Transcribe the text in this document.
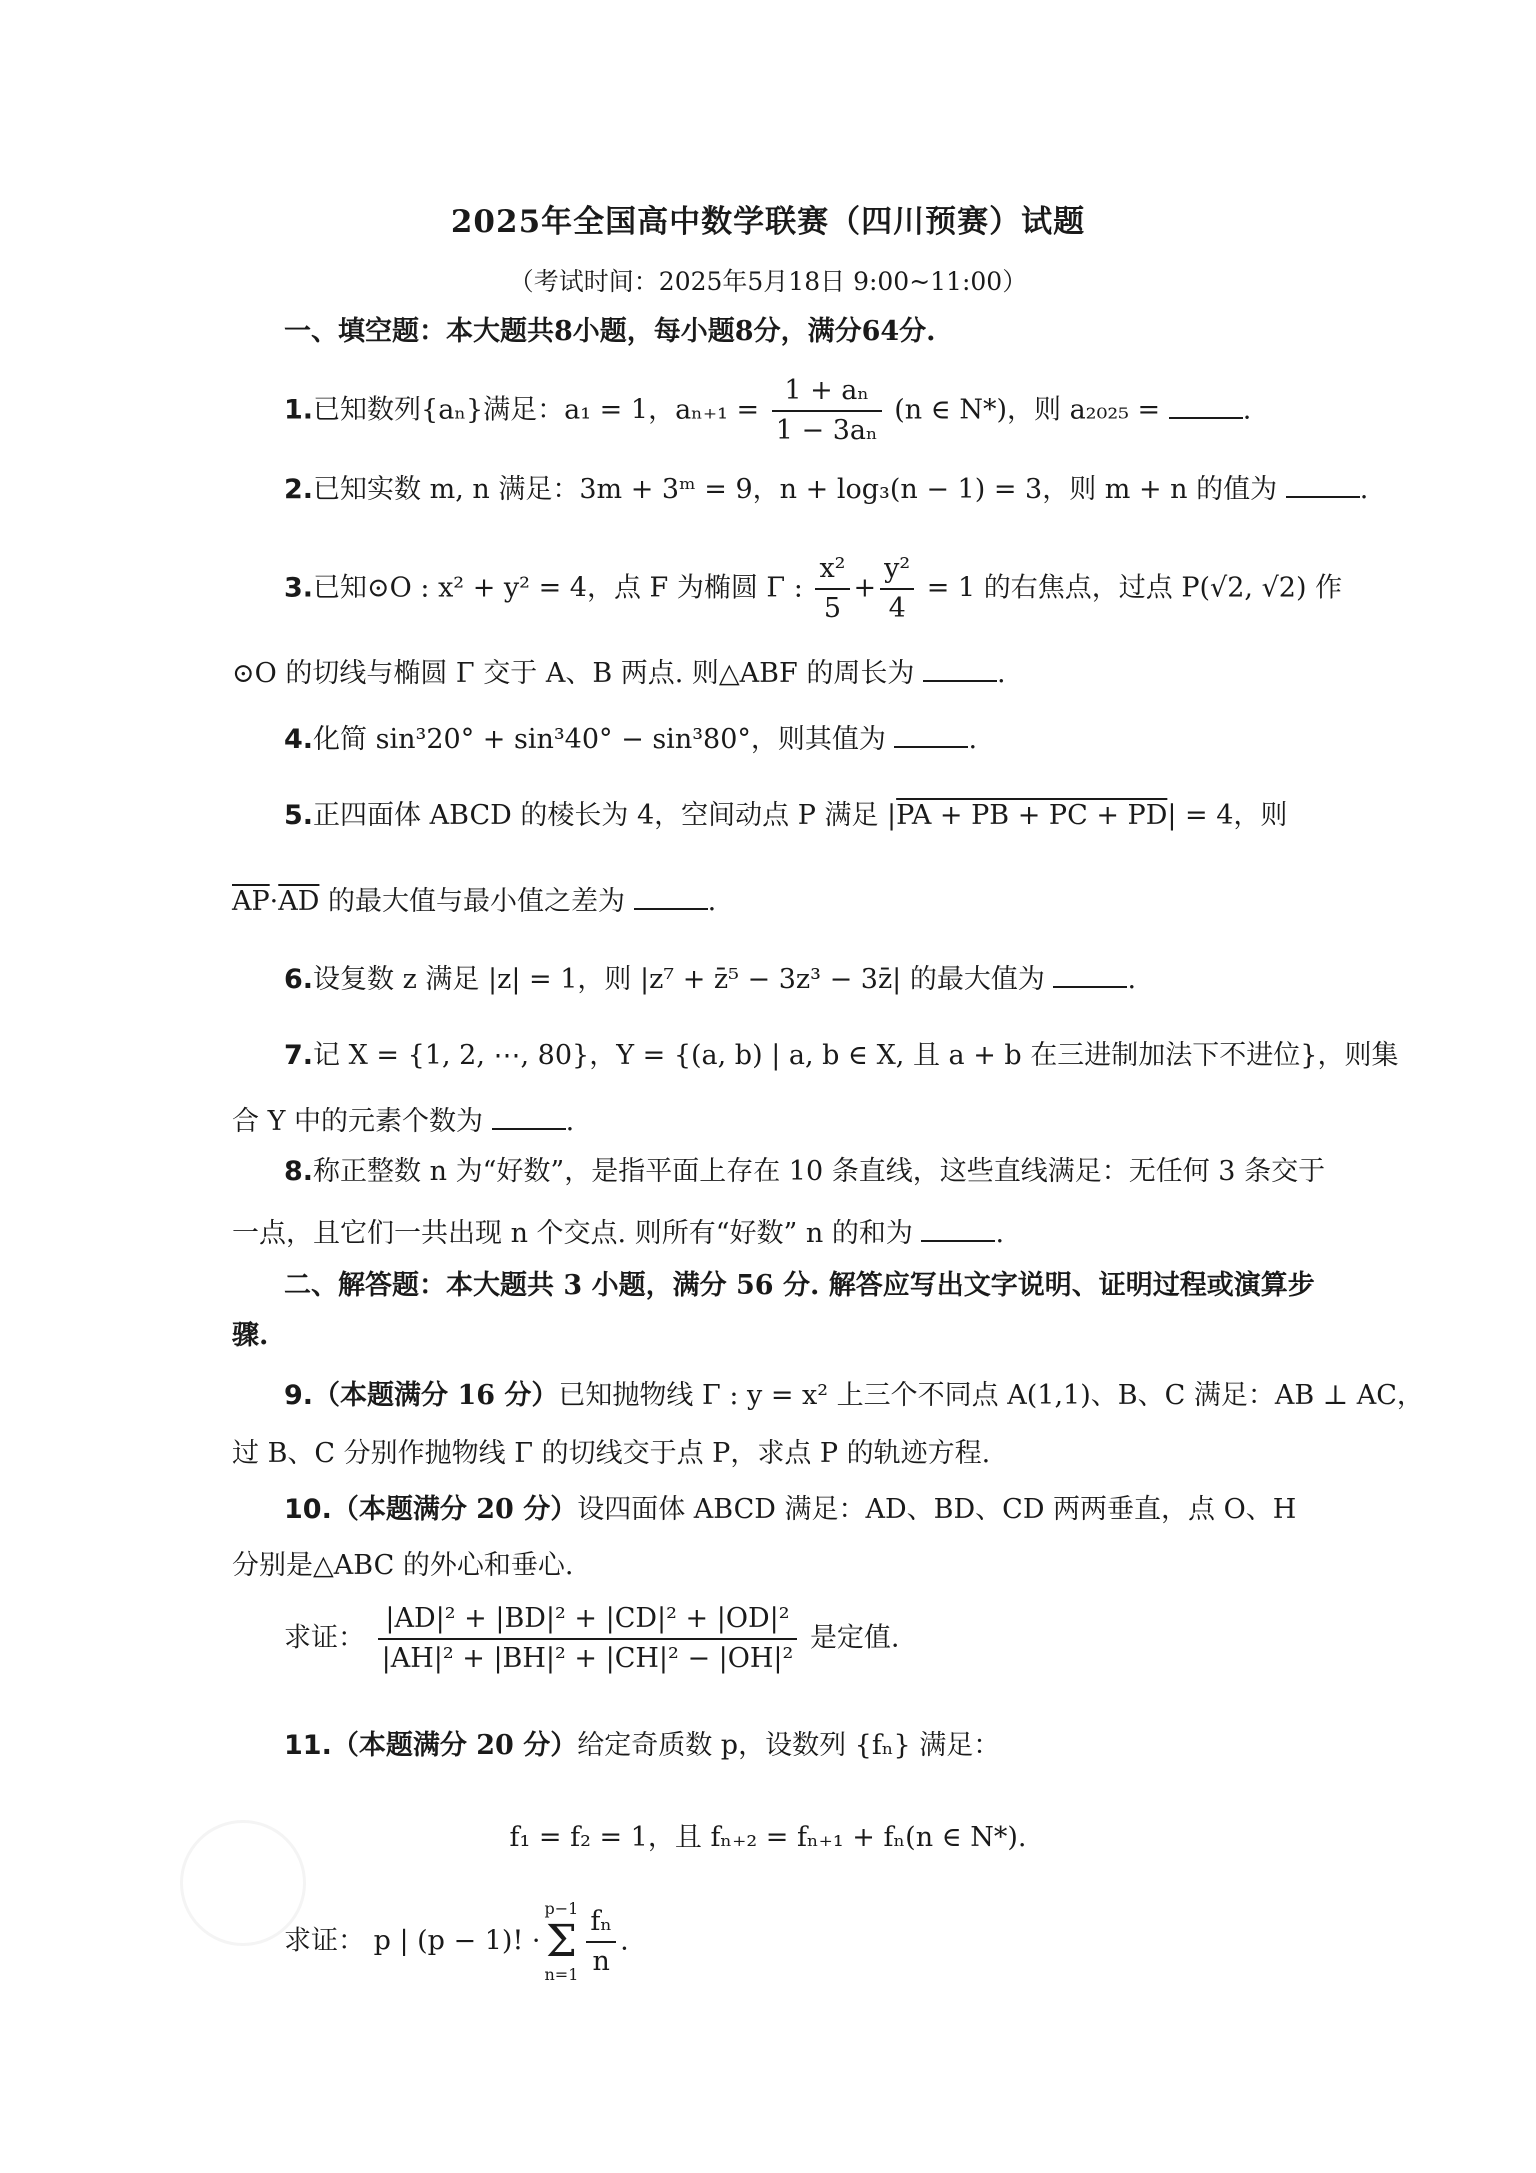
2025年全国高中数学联赛（四川预赛）试题
（考试时间：2025年5月18日 9:00~11:00）
一、填空题：本大题共8小题，每小题8分，满分64分.
1.已知数列{aₙ}满足：a₁ = 1，$a_{n+1} = \frac{\text{1 + aₙ}}{\text{1 − 3aₙ}} (n$ ∈ N*)，则 a₂₀₂₅ =	.
2.已知实数 m, n 满足：3m + 3ᵐ = 9，n + log₃(n − 1) = 3，则 m + n 的值为	.
3.已知⊙O : x² + y² = 4，点 F 为椭圆 Γ : $\frac{\text{x²}}{5} + \frac{\text{y²}}{4} = 1$ 的右焦点，过点 P(√2, √2) 作
⊙O 的切线与椭圆 Γ 交于 A、B 两点. 则△ABF 的周长为	.
4.化简 sin³20° + sin³40° − sin³80°，则其值为	.
5.正四面体 ABCD 的棱长为 4，空间动点 P 满足 |PA + PB + PC + PD| = 4，则
$\overline{AP}\cdot\overline{AD}$ 的最大值与最小值之差为	.
6.设复数 z 满足 |z| = 1，则 |z⁷ + z̄⁵ − 3z³ − 3z̄| 的最大值为	.
7.记 X = {1, 2, ⋯, 80}，Y = {(a, b) | a, b ∈ X, 且 a + b 在三进制加法下不进位}，则集
合 Y 中的元素个数为	.
8.称正整数 n 为“好数”，是指平面上存在 10 条直线，这些直线满足：无任何 3 条交于
一点，且它们一共出现 n 个交点. 则所有“好数” n 的和为	.
二、解答题：本大题共 3 小题，满分 56 分. 解答应写出文字说明、证明过程或演算步
骤.
9.（本题满分 16 分）已知抛物线 Γ : y = x² 上三个不同点 A(1,1)、B、C 满足：AB ⊥ AC，
过 B、C 分别作抛物线 Γ 的切线交于点 P，求点 P 的轨迹方程.
10.（本题满分 20 分）设四面体 ABCD 满足：AD、BD、CD 两两垂直，点 O、H
分别是△ABC 的外心和垂心.
求证： $\frac{\text{|AD|² + |BD|² + |CD|² + |OD|²}}{\text{|AH|² + |BH|² + |CH|² − |OH|²}}$ 是定值.
11.（本题满分 20 分）给定奇质数 p，设数列 {fₙ} 满足：
f₁ = f₂ = 1，且 fₙ₊₂ = fₙ₊₁ + fₙ(n ∈ N*).
求证： p | (p − 1)! ·
p−1
Σ
$n=1 \frac{\text{fₙ}}{n}$ .
